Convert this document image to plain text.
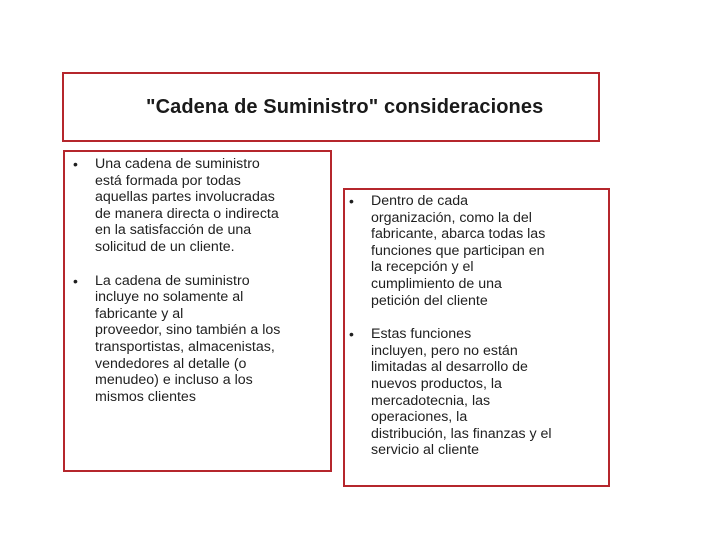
"Cadena de Suministro" consideraciones
• Una cadena de suministro
está formada por todas
aquellas partes involucradas
de manera directa o indirecta
en la satisfacción de una
solicitud de un cliente.
• La cadena de suministro
incluye no solamente al
fabricante y al
proveedor, sino también a los
transportistas, almacenistas,
vendedores al detalle (o
menudeo) e incluso a los
mismos clientes
• Dentro de cada
organización, como la del
fabricante, abarca todas las
funciones que participan en
la recepción y el
cumplimiento de una
petición del cliente
• Estas funciones
incluyen, pero no están
limitadas al desarrollo de
nuevos productos, la
mercadotecnia, las
operaciones, la
distribución, las finanzas y el
servicio al cliente
